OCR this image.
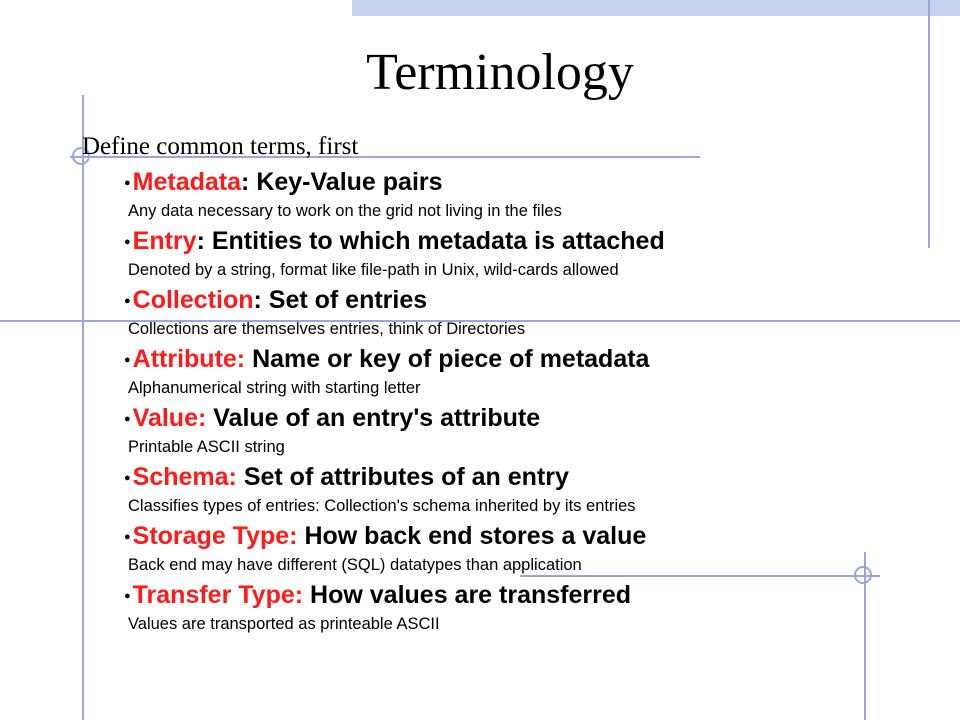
Terminology
Define common terms, first
●Metadata: Key-Value pairs
Any data necessary to work on the grid not living in the files
●Entry: Entities to which metadata is attached
Denoted by a string, format like file-path in Unix, wild-cards allowed
●Collection: Set of entries
Collections are themselves entries, think of Directories
●Attribute: Name or key of piece of metadata
Alphanumerical string with starting letter
●Value: Value of an entry's attribute
Printable ASCII string
●Schema: Set of attributes of an entry
Classifies types of entries: Collection's schema inherited by its entries
●Storage Type: How back end stores a value
Back end may have different (SQL) datatypes than application
●Transfer Type: How values are transferred
Values are transported as printeable ASCII
